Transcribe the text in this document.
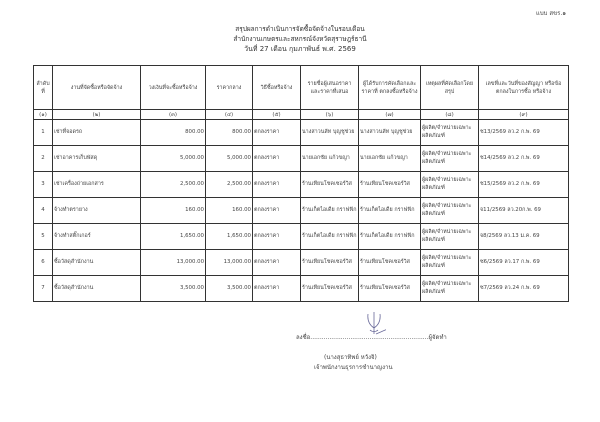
แบบ สขร.๑
สรุปผลการดำเนินการจัดซื้อจัดจ้างในรอบเดือน
สำนักงานเกษตรและสหกรณ์จังหวัดสุราษฎร์ธานี
วันที่ 27 เดือน กุมภาพันธ์ พ.ศ. 2569
ลำดับที่	งานที่จัดซื้อหรือจัดจ้าง	วงเงินที่จะซื้อหรือจ้าง	ราคากลาง	วิธีซื้อหรือจ้าง	รายชื่อผู้เสนอราคา และราคาที่เสนอ	ผู้ได้รับการคัดเลือกและราคาที่ ตกลงซื้อหรือจ้าง	เหตุผลที่คัดเลือกโดย สรุป	เลขที่และวันที่ของสัญญา หรือข้อตกลงในการซื้อ หรือจ้าง
(๑)	(๒)	(๓)	(๔)	(๕)	(๖)	(๗)	(๘)	(๙)
1	เช่าที่จอดรถ	800.00	800.00	ตกลงราคา	นางสาวนลัท บุญชูช่วย	นางสาวนลัท บุญชูช่วย	ผู้ผลิต/จำหน่ายเฉพาะผลิตภัณฑ์	ช13/2569 ลว.2 ก.พ. 69
2	เช่าอาคารเก็บพัสดุ	5,000.00	5,000.00	ตกลงราคา	นายเอกชัย แก้วขญา	นายเอกชัย แก้วขญา	ผู้ผลิต/จำหน่ายเฉพาะผลิตภัณฑ์	ช14/2569 ลว.2 ก.พ. 69
3	เช่าเครื่องถ่ายเอกสาร	2,500.00	2,500.00	ตกลงราคา	ร้านเทียนโชคเซอร์วิส	ร้านเทียนโชคเซอร์วิส	ผู้ผลิต/จำหน่ายเฉพาะผลิตภัณฑ์	ช15/2569 ลว.2 ก.พ. 69
4	จ้างทำตรายาง	160.00	160.00	ตกลงราคา	ร้านเก็ตไอเดีย กราฟฟิก	ร้านเก็ตไอเดีย กราฟฟิก	ผู้ผลิต/จำหน่ายเฉพาะผลิตภัณฑ์	จ11/2569 ลว.20ก.พ. 69
5	จ้างทำสติ๊กเกอร์	1,650.00	1,650.00	ตกลงราคา	ร้านเก็ตไอเดีย กราฟฟิก	ร้านเก็ตไอเดีย กราฟฟิก	ผู้ผลิต/จำหน่ายเฉพาะผลิตภัณฑ์	จ8/2569 ลว.13 ม.ค. 69
6	ซื้อวัสดุสำนักงาน	13,000.00	13,000.00	ตกลงราคา	ร้านเทียนโชคเซอร์วิส	ร้านเทียนโชคเซอร์วิส	ผู้ผลิต/จำหน่ายเฉพาะผลิตภัณฑ์	ซ6/2569 ลว.17 ก.พ. 69
7	ซื้อวัสดุสำนักงาน	3,500.00	3,500.00	ตกลงราคา	ร้านเทียนโชคเซอร์วิส	ร้านเทียนโชคเซอร์วิส	ผู้ผลิต/จำหน่ายเฉพาะผลิตภัณฑ์	ซ7/2569 ลว.24 ก.พ. 69
ลงชื่อ..............................................................ผู้จัดทำ
(นางสุธาทิพย์ หวังจิ)
เจ้าพนักงานธุรการชำนาญงาน
